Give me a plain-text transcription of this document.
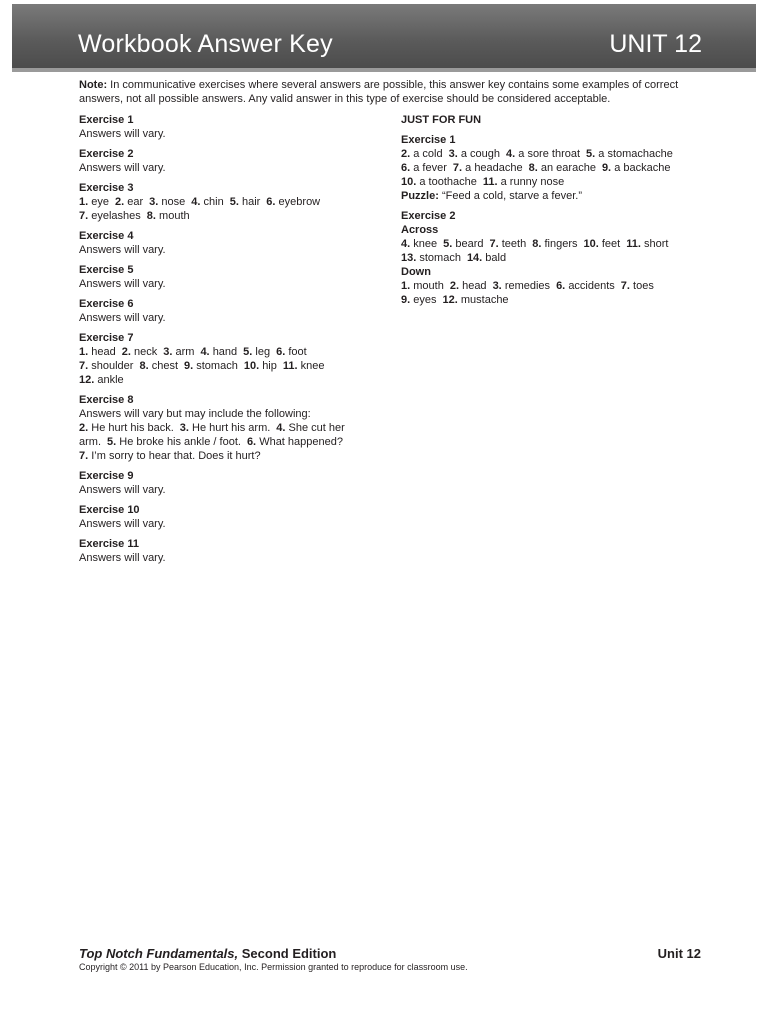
Workbook Answer Key	UNIT 12
Note: In communicative exercises where several answers are possible, this answer key contains some examples of correct answers, not all possible answers. Any valid answer in this type of exercise should be considered acceptable.
Exercise 1
Answers will vary.
Exercise 2
Answers will vary.
Exercise 3
1. eye 2. ear 3. nose 4. chin 5. hair 6. eyebrow
7. eyelashes 8. mouth
Exercise 4
Answers will vary.
Exercise 5
Answers will vary.
Exercise 6
Answers will vary.
Exercise 7
1. head 2. neck 3. arm 4. hand 5. leg 6. foot
7. shoulder 8. chest 9. stomach 10. hip 11. knee
12. ankle
Exercise 8
Answers will vary but may include the following:
2. He hurt his back. 3. He hurt his arm. 4. She cut her
arm. 5. He broke his ankle / foot. 6. What happened?
7. I’m sorry to hear that. Does it hurt?
Exercise 9
Answers will vary.
Exercise 10
Answers will vary.
Exercise 11
Answers will vary.
JUST FOR FUN
Exercise 1
2. a cold 3. a cough 4. a sore throat 5. a stomachache
6. a fever 7. a headache 8. an earache 9. a backache
10. a toothache 11. a runny nose
Puzzle: “Feed a cold, starve a fever.”
Exercise 2
Across
4. knee 5. beard 7. teeth 8. fingers 10. feet 11. short
13. stomach 14. bald
Down
1. mouth 2. head 3. remedies 6. accidents 7. toes
9. eyes 12. mustache
Top Notch Fundamentals, Second Edition	Unit 12
Copyright © 2011 by Pearson Education, Inc. Permission granted to reproduce for classroom use.
